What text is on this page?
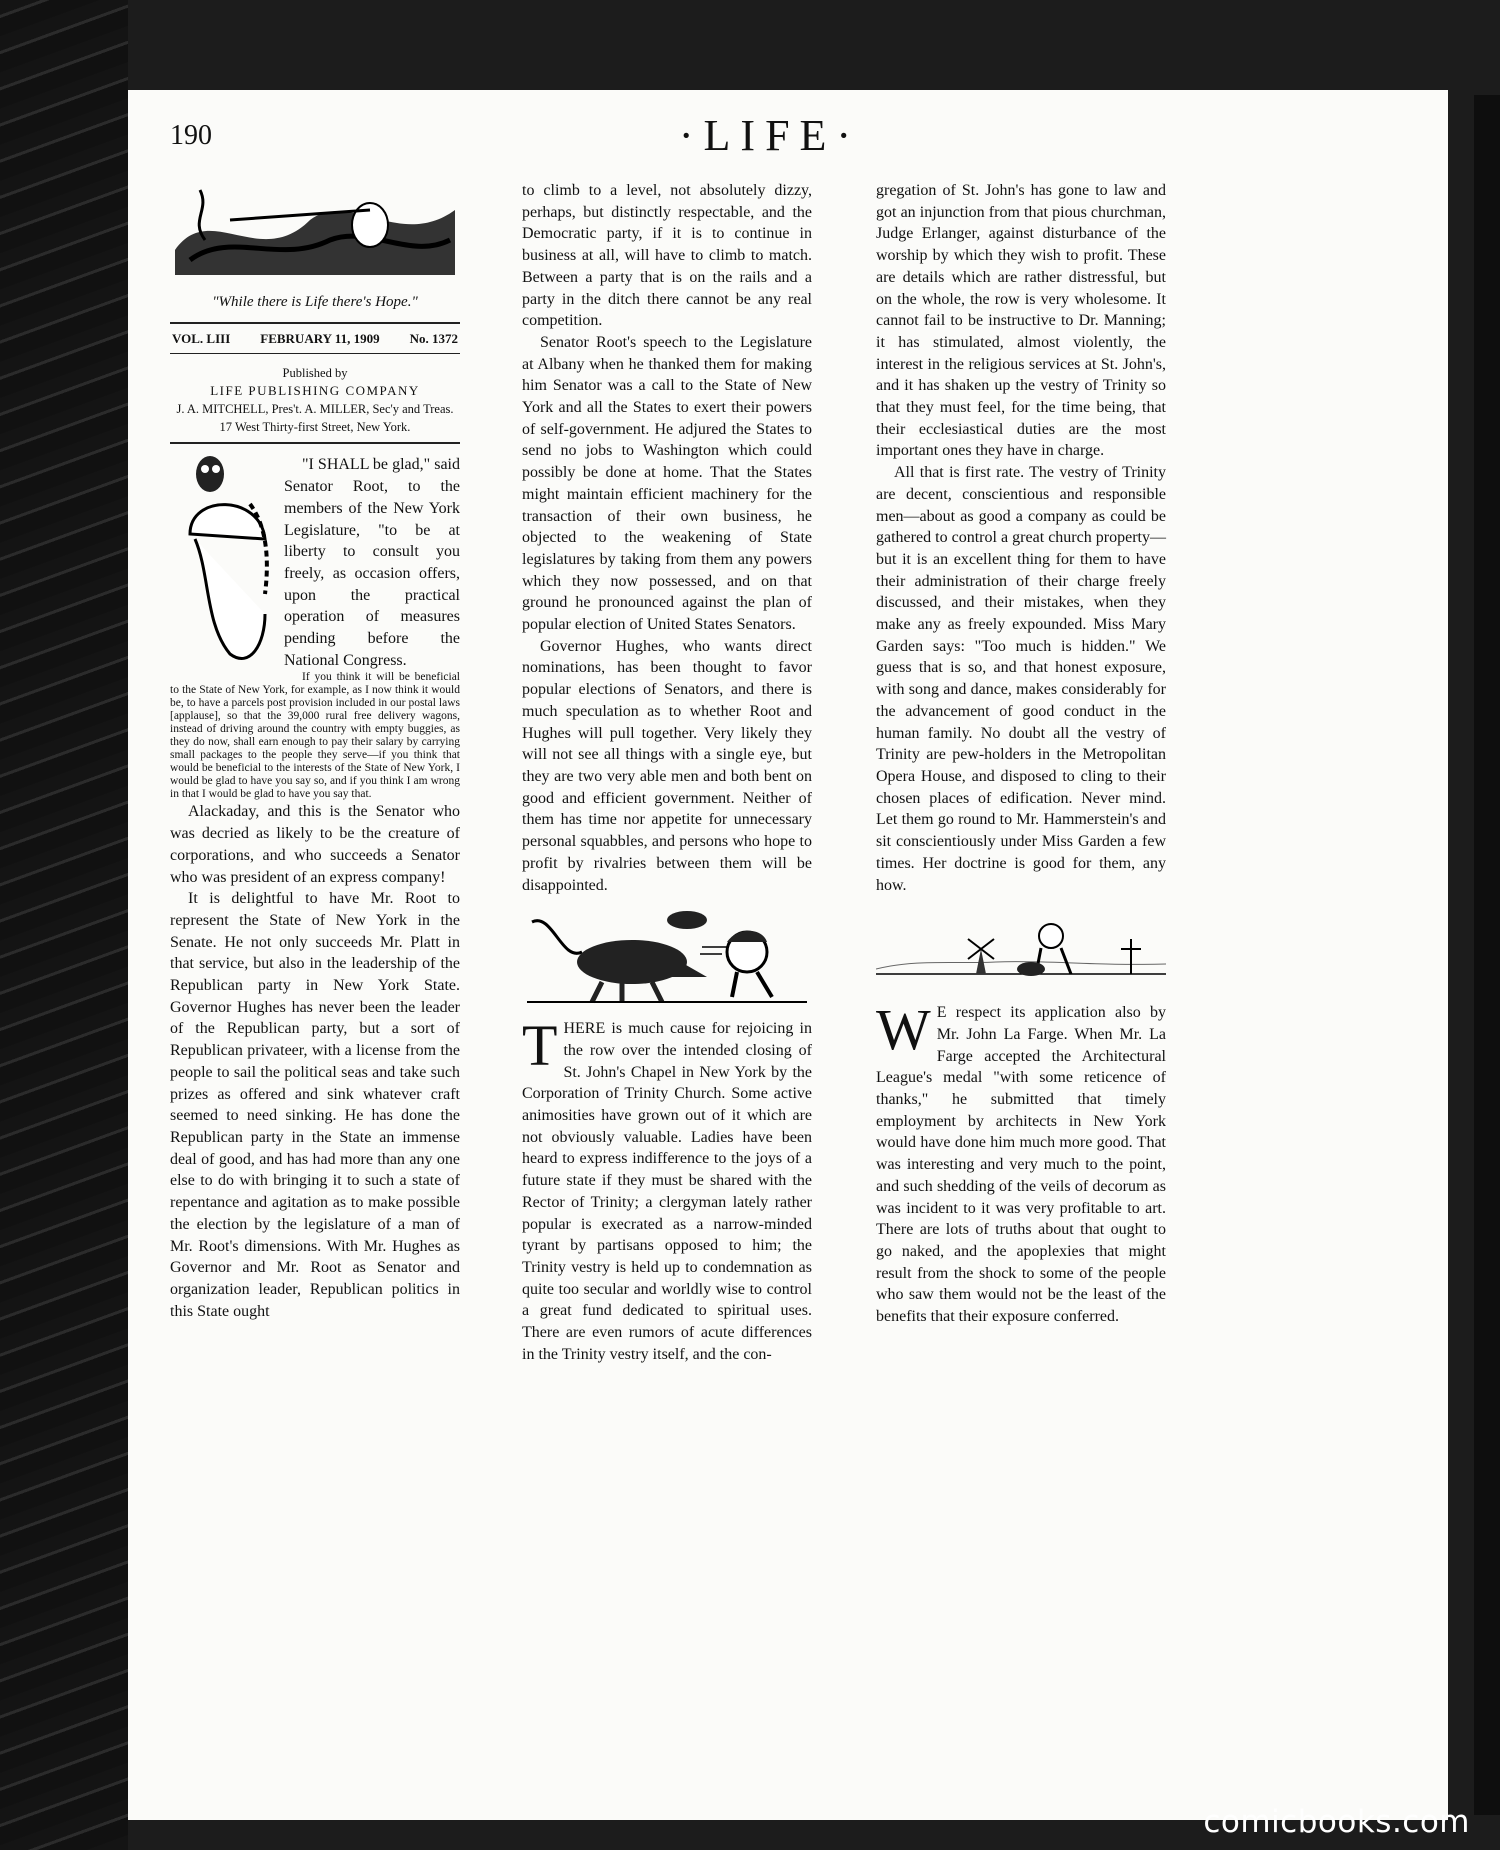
190	·LIFE·
"While there is Life there's Hope."
VOL. LIII FEBRUARY 11, 1909 No. 1372
Published by
LIFE PUBLISHING COMPANY
J. A. MITCHELL, Pres't. A. MILLER, Sec'y and Treas.
17 West Thirty-first Street, New York.

"I SHALL be glad," said Senator Root, to the members of the New York Legislature, "to be at liberty to consult you freely, as occasion offers, upon the practical operation of measures pending before the National Congress.

If you think it will be beneficial to the State of New York, for example, as I now think it would be, to have a parcels post provision included in our postal laws [applause], so that the 39,000 rural free delivery wagons, instead of driving around the country with empty buggies, as they do now, shall earn enough to pay their salary by carrying small packages to the people they serve—if you think that would be beneficial to the interests of the State of New York, I would be glad to have you say so, and if you think I am wrong in that I would be glad to have you say that.

Alackaday, and this is the Senator who was decried as likely to be the creature of corporations, and who succeeds a Senator who was president of an express company!

It is delightful to have Mr. Root to represent the State of New York in the Senate. He not only succeeds Mr. Platt in that service, but also in the leadership of the Republican party in New York State. Governor Hughes has never been the leader of the Republican party, but a sort of Republican privateer, with a license from the people to sail the political seas and take such prizes as offered and sink whatever craft seemed to need sinking. He has done the Republican party in the State an immense deal of good, and has had more than any one else to do with bringing it to such a state of repentance and agitation as to make possible the election by the legislature of a man of Mr. Root's dimensions. With Mr. Hughes as Governor and Mr. Root as Senator and organization leader, Republican politics in this State ought

to climb to a level, not absolutely dizzy, perhaps, but distinctly respectable, and the Democratic party, if it is to continue in business at all, will have to climb to match. Between a party that is on the rails and a party in the ditch there cannot be any real competition.

Senator Root's speech to the Legislature at Albany when he thanked them for making him Senator was a call to the State of New York and all the States to exert their powers of self-government. He adjured the States to send no jobs to Washington which could possibly be done at home. That the States might maintain efficient machinery for the transaction of their own business, he objected to the weakening of State legislatures by taking from them any powers which they now possessed, and on that ground he pronounced against the plan of popular election of United States Senators.

Governor Hughes, who wants direct nominations, has been thought to favor popular elections of Senators, and there is much speculation as to whether Root and Hughes will pull together. Very likely they will not see all things with a single eye, but they are two very able men and both bent on good and efficient government. Neither of them has time nor appetite for unnecessary personal squabbles, and persons who hope to profit by rivalries between them will be disappointed.

THERE is much cause for rejoicing in the row over the intended closing of St. John's Chapel in New York by the Corporation of Trinity Church. Some active animosities have grown out of it which are not obviously valuable. Ladies have been heard to express indifference to the joys of a future state if they must be shared with the Rector of Trinity; a clergyman lately rather popular is execrated as a narrow-minded tyrant by partisans opposed to him; the Trinity vestry is held up to condemnation as quite too secular and worldly wise to control a great fund dedicated to spiritual uses. There are even rumors of acute differences in the Trinity vestry itself, and the con-

gregation of St. John's has gone to law and got an injunction from that pious churchman, Judge Erlanger, against disturbance of the worship by which they wish to profit. These are details which are rather distressful, but on the whole, the row is very wholesome. It cannot fail to be instructive to Dr. Manning; it has stimulated, almost violently, the interest in the religious services at St. John's, and it has shaken up the vestry of Trinity so that they must feel, for the time being, that their ecclesiastical duties are the most important ones they have in charge.

All that is first rate. The vestry of Trinity are decent, conscientious and responsible men—about as good a company as could be gathered to control a great church property—but it is an excellent thing for them to have their administration of their charge freely discussed, and their mistakes, when they make any as freely expounded. Miss Mary Garden says: "Too much is hidden." We guess that is so, and that honest exposure, with song and dance, makes considerably for the advancement of good conduct in the human family. No doubt all the vestry of Trinity are pew-holders in the Metropolitan Opera House, and disposed to cling to their chosen places of edification. Never mind. Let them go round to Mr. Hammerstein's and sit conscientiously under Miss Garden a few times. Her doctrine is good for them, any how.

W E respect its application also by Mr. John La Farge. When Mr. La Farge accepted the Architectural League's medal "with some reticence of thanks," he submitted that timely employment by architects in New York would have done him much more good. That was interesting and very much to the point, and such shedding of the veils of decorum as was incident to it was very profitable to art. There are lots of truths about that ought to go naked, and the apoplexies that might result from the shock to some of the people who saw them would not be the least of the benefits that their exposure conferred.

comicbooks.com
